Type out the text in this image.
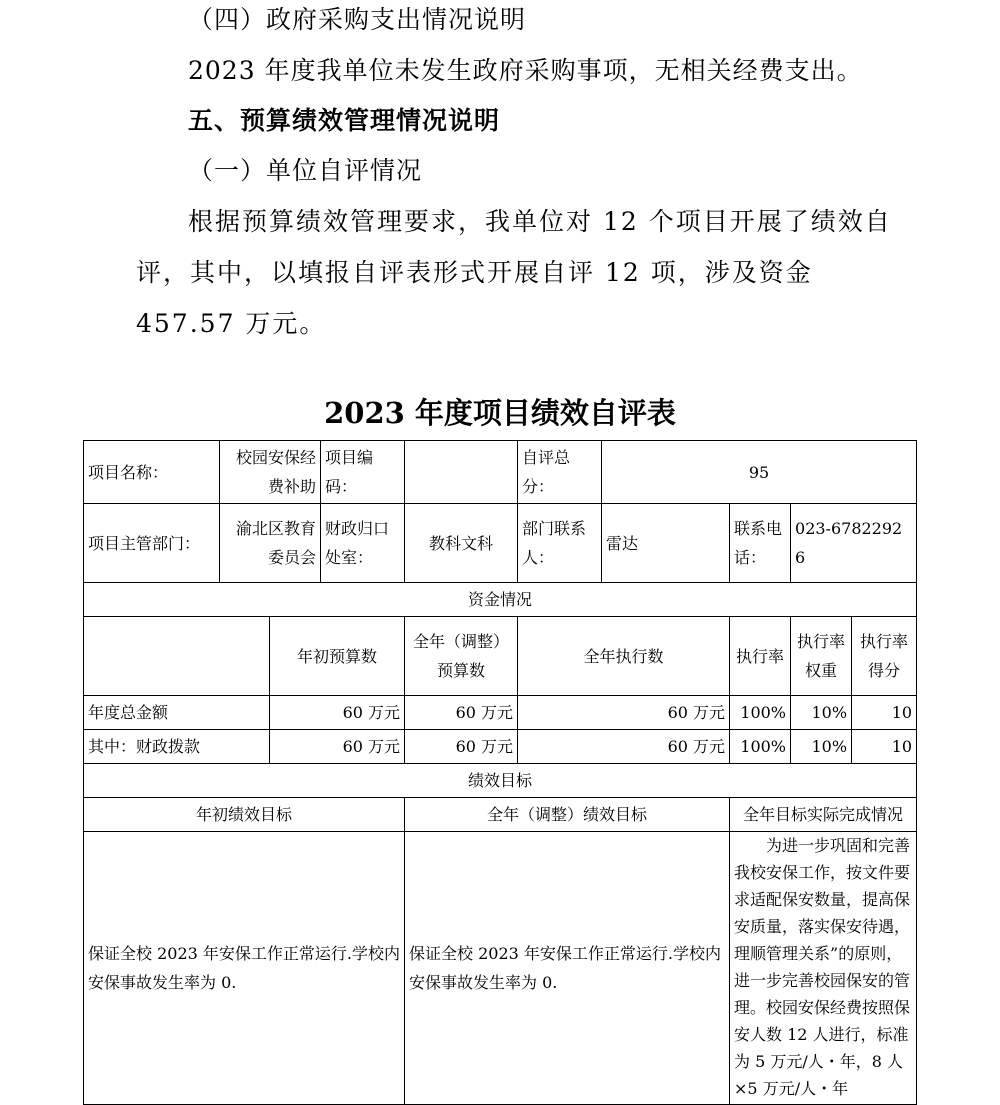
（四）政府采购支出情况说明

2023 年度我单位未发生政府采购事项，无相关经费支出。

五、预算绩效管理情况说明

（一）单位自评情况

根据预算绩效管理要求，我单位对 12 个项目开展了绩效自评，其中，以填报自评表形式开展自评 12 项，涉及资金 457.57 万元。

2023 年度项目绩效自评表

项目名称：	校园安保经费补助		项目编码：		自评总分：	95			
项目主管部门：	渝北区教育委员会		财政归口处室：	教科文科	部门联系人：	雷达	联系电话：	023-67822926	
资金情况									
		年初预算数		全年（调整）预算数	全年执行数		执行率	执行率权重	执行率得分
年度总金额		60 万元		60 万元	60 万元		100%	10%	10
其中：财政拨款		60 万元		60 万元	60 万元		100%	10%	10
绩效目标									
年初绩效目标				全年（调整）绩效目标			全年目标实际完成情况		
保证全校 2023 年安保工作正常运行.学校内安保事故发生率为 0.				保证全校 2023 年安保工作正常运行.学校内安保事故发生率为 0.			为进一步巩固和完善我校安保工作，按文件要求适配保安数量，提高保安质量，落实保安待遇，理顺管理关系”的原则，进一步完善校园保安的管理。校园安保经费按照保安人数 12 人进行，标准为 5 万元/人・年，8 人×5 万元/人・年		
